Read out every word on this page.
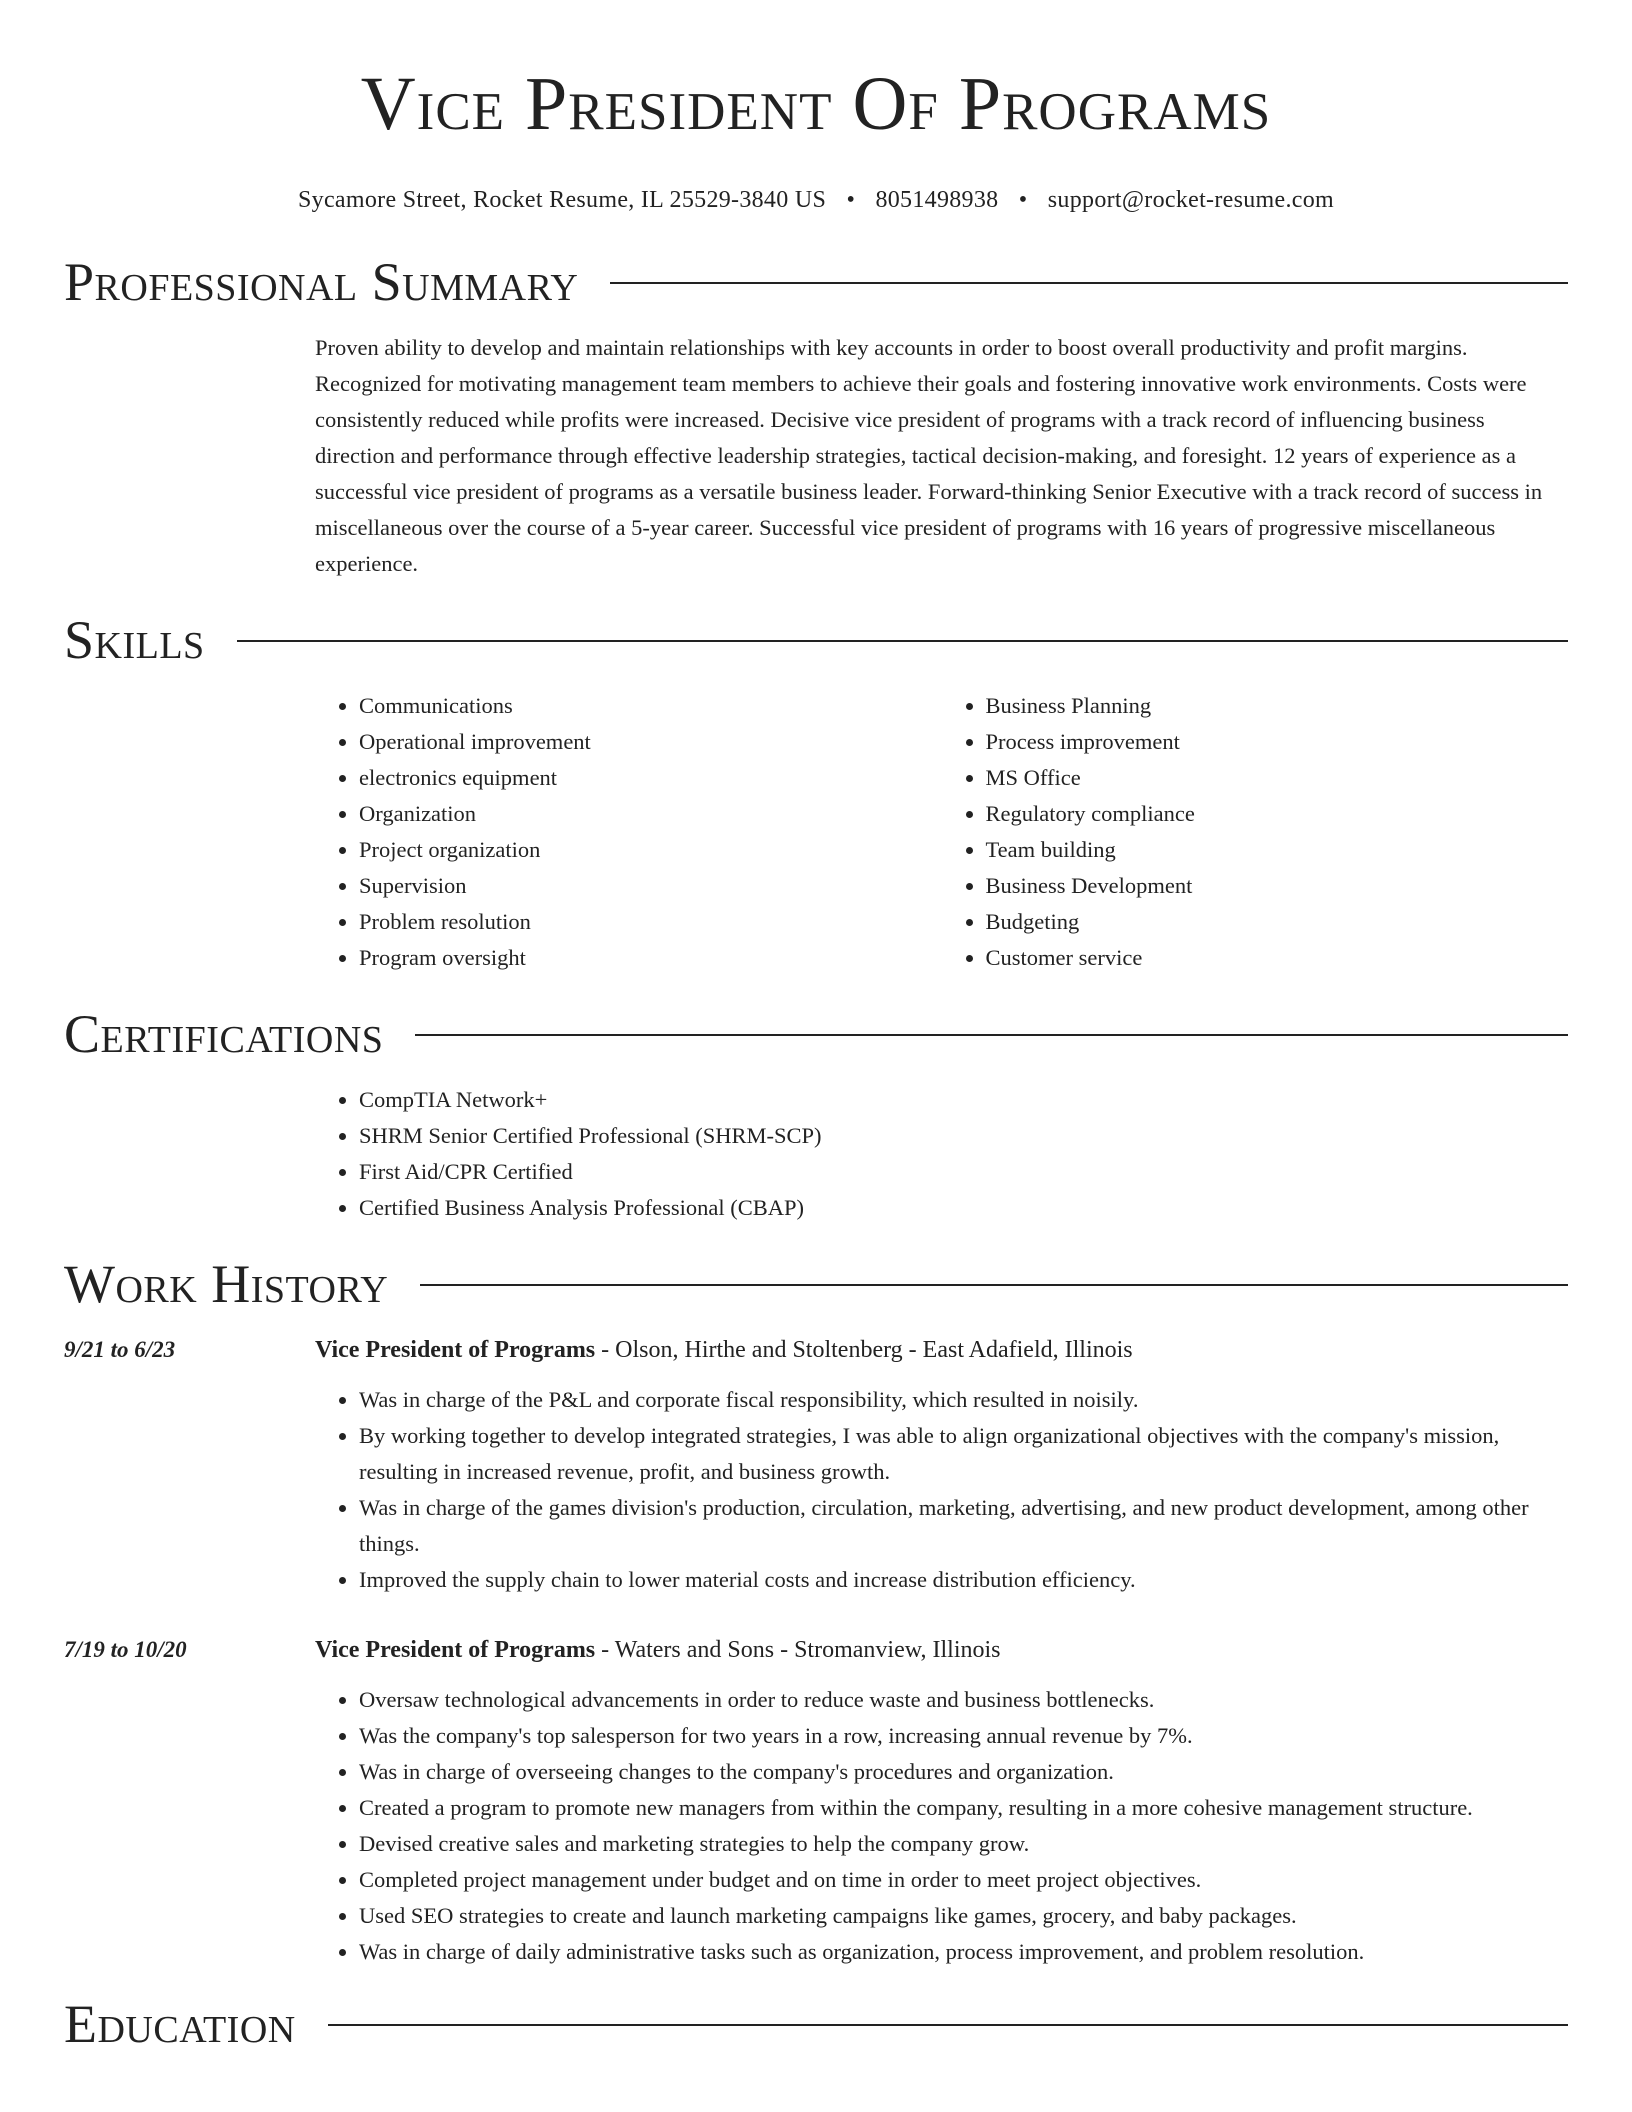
Vice President Of Programs
Sycamore Street, Rocket Resume, IL 25529-3840 US • 8051498938 • support@rocket-resume.com
Professional Summary
Proven ability to develop and maintain relationships with key accounts in order to boost overall productivity and profit margins. Recognized for motivating management team members to achieve their goals and fostering innovative work environments. Costs were consistently reduced while profits were increased. Decisive vice president of programs with a track record of influencing business direction and performance through effective leadership strategies, tactical decision-making, and foresight. 12 years of experience as a successful vice president of programs as a versatile business leader. Forward-thinking Senior Executive with a track record of success in miscellaneous over the course of a 5-year career. Successful vice president of programs with 16 years of progressive miscellaneous experience.
Skills
• Communications
• Operational improvement
• electronics equipment
• Organization
• Project organization
• Supervision
• Problem resolution
• Program oversight
• Business Planning
• Process improvement
• MS Office
• Regulatory compliance
• Team building
• Business Development
• Budgeting
• Customer service
Certifications
• CompTIA Network+
• SHRM Senior Certified Professional (SHRM-SCP)
• First Aid/CPR Certified
• Certified Business Analysis Professional (CBAP)
Work History
9/21 to 6/23	Vice President of Programs - Olson, Hirthe and Stoltenberg - East Adafield, Illinois
• Was in charge of the P&L and corporate fiscal responsibility, which resulted in noisily.
• By working together to develop integrated strategies, I was able to align organizational objectives with the company's mission, resulting in increased revenue, profit, and business growth.
• Was in charge of the games division's production, circulation, marketing, advertising, and new product development, among other things.
• Improved the supply chain to lower material costs and increase distribution efficiency.
7/19 to 10/20	Vice President of Programs - Waters and Sons - Stromanview, Illinois
• Oversaw technological advancements in order to reduce waste and business bottlenecks.
• Was the company's top salesperson for two years in a row, increasing annual revenue by 7%.
• Was in charge of overseeing changes to the company's procedures and organization.
• Created a program to promote new managers from within the company, resulting in a more cohesive management structure.
• Devised creative sales and marketing strategies to help the company grow.
• Completed project management under budget and on time in order to meet project objectives.
• Used SEO strategies to create and launch marketing campaigns like games, grocery, and baby packages.
• Was in charge of daily administrative tasks such as organization, process improvement, and problem resolution.
Education
